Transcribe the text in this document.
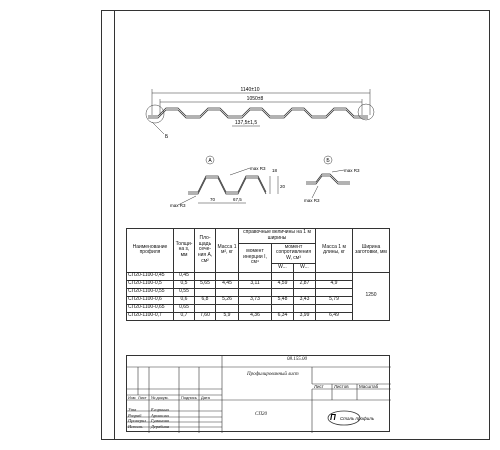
1140±10
1050±8
137,5±1,5
Б
А	Б
max R3
max R3
70	67,5
18
20
max R3
max R3
Наименование профиля	Толщи-на s, мм	Пло-щадь сече-ния А, см²	Масса 1 м², кг	справочные величины на 1 м ширины			Масса 1 м длины, кг	Ширина заготовки, мм
				момент инерции I, см⁴	момент сопротивления W, см³			
					W...	W...		
СП20-1100-0,45	0,45							1250
СП20-1100-0,5	0,5	5,65	4,45	3,11	4,59	2,87	4,9	
СП20-1100-0,55	0,55							
СП20-1100-0,6	0,6	6,8	5,26	3,73	5,48	3,43	5,79	
СП20-1100-0,65	0,65							
СП20-1100-0,7	0,7	7,60	5,9	4,36	6,34	3,99	6,49	
08.155.00
Профилированный лист
СП20
Изм Лист № докум.	Подпись Дата
Лист Листов Масштаб
Утв	Егоркина
Разраб Архипова
Проверил Гуманова
Исполн. Дерябина
П Сталь профиль
